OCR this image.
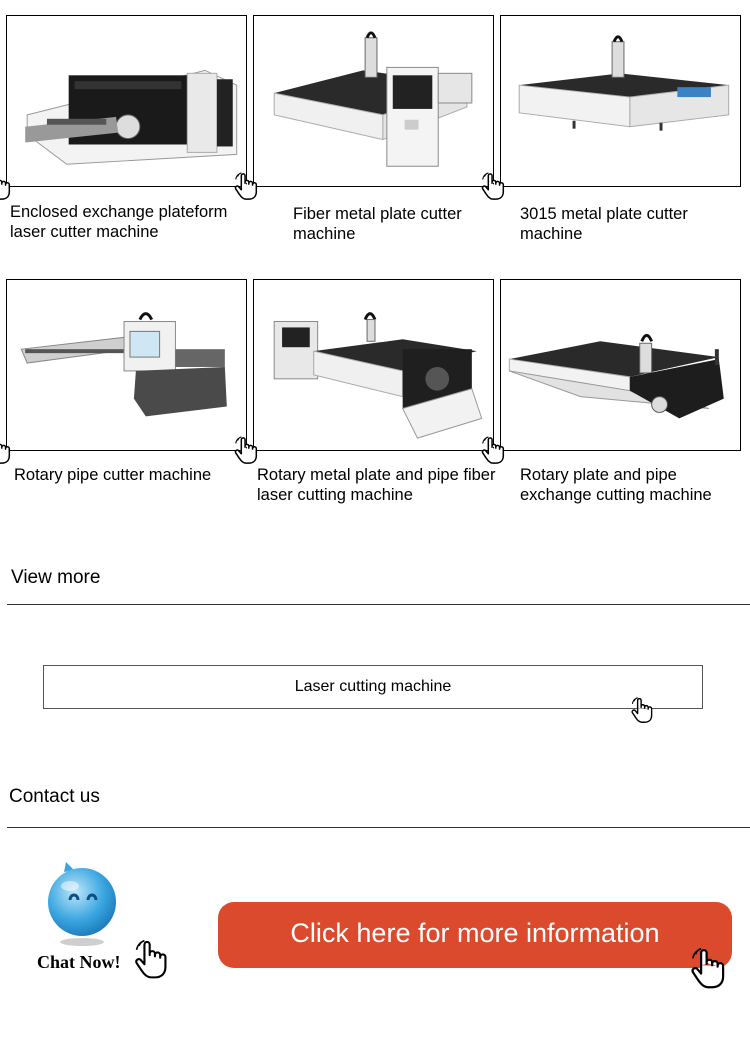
Enclosed exchange plateform laser cutter machine
Fiber metal plate cutter machine
3015 metal plate cutter machine
Rotary pipe cutter machine	Rotary metal plate and pipe fiber laser cutting machine
Rotary plate and pipe exchange cutting machine
View more
Laser cutting machine
Contact us
Chat Now!
Click here for more information
